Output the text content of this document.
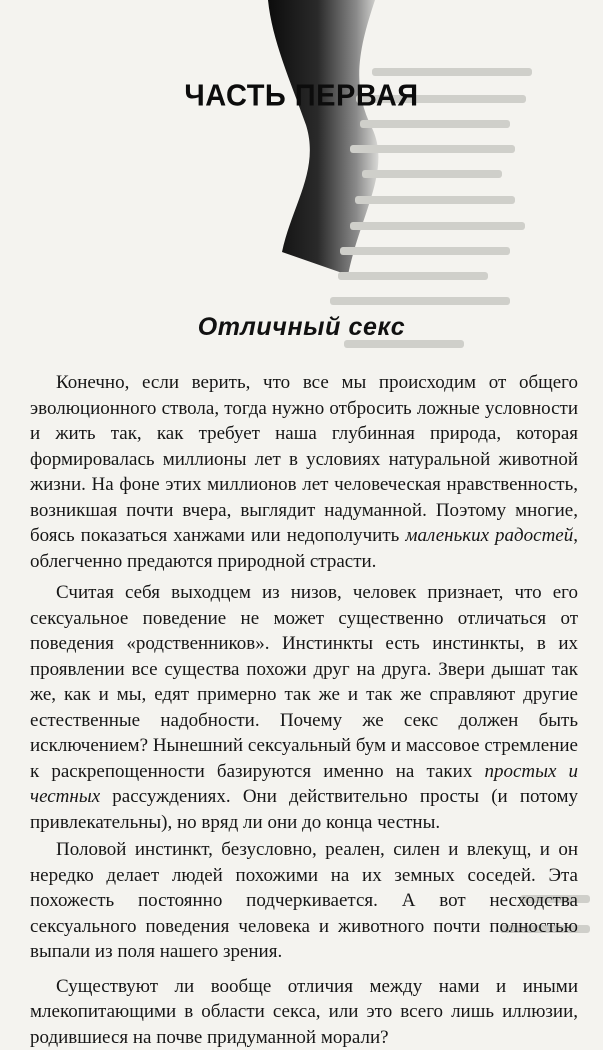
ЧАСТЬ ПЕРВАЯ
Отличный секс

Конечно, если верить, что все мы происходим от общего эволюционного ствола, тогда нужно отбросить ложные условности и жить так, как требует наша глубинная природа, которая формировалась миллионы лет в условиях натуральной животной жизни. На фоне этих миллионов лет человеческая нравственность, возникшая почти вчера, выглядит надуманной. Поэтому многие, боясь показаться ханжами или недополучить маленьких радостей, облегченно предаются природной страсти.

Считая себя выходцем из низов, человек признает, что его сексуальное поведение не может существенно отличаться от поведения «родственников». Инстинкты есть инстинкты, в их проявлении все существа похожи друг на друга. Звери дышат так же, как и мы, едят примерно так же и так же справляют другие естественные надобности. Почему же секс должен быть исключением? Нынешний сексуальный бум и массовое стремление к раскрепощенности базируются именно на таких простых и честных рассуждениях. Они действительно просты (и потому привлекательны), но вряд ли они до конца честны.

Половой инстинкт, безусловно, реален, силен и влекущ, и он нередко делает людей похожими на их земных соседей. Эта похожесть постоянно подчеркивается. А вот несходства сексуального поведения человека и животного почти полностью выпали из поля нашего зрения.

Существуют ли вообще отличия между нами и иными млекопитающими в области секса, или это всего лишь иллюзии, родившиеся на почве придуманной морали?
